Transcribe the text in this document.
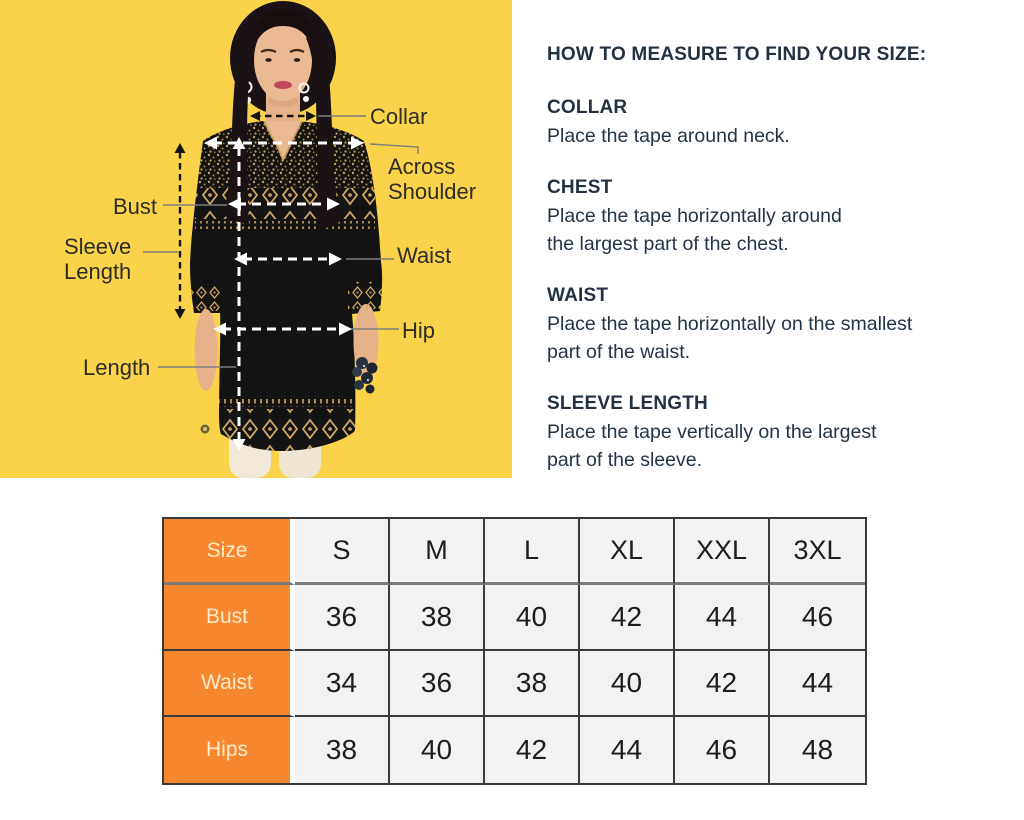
Collar
Across
Shoulder
Bust
Sleeve
Length
Waist
Hip
Length
HOW TO MEASURE TO FIND YOUR SIZE:
COLLAR
Place the tape around neck.
CHEST
Place the tape horizontally around
the largest part of the chest.
WAIST
Place the tape horizontally on the smallest
part of the waist.
SLEEVE LENGTH
Place the tape vertically on the largest
part of the sleeve.
Size	S	M	L	XL	XXL	3XL
Bust	36	38	40	42	44	46
Waist	34	36	38	40	42	44
Hips	38	40	42	44	46	48
